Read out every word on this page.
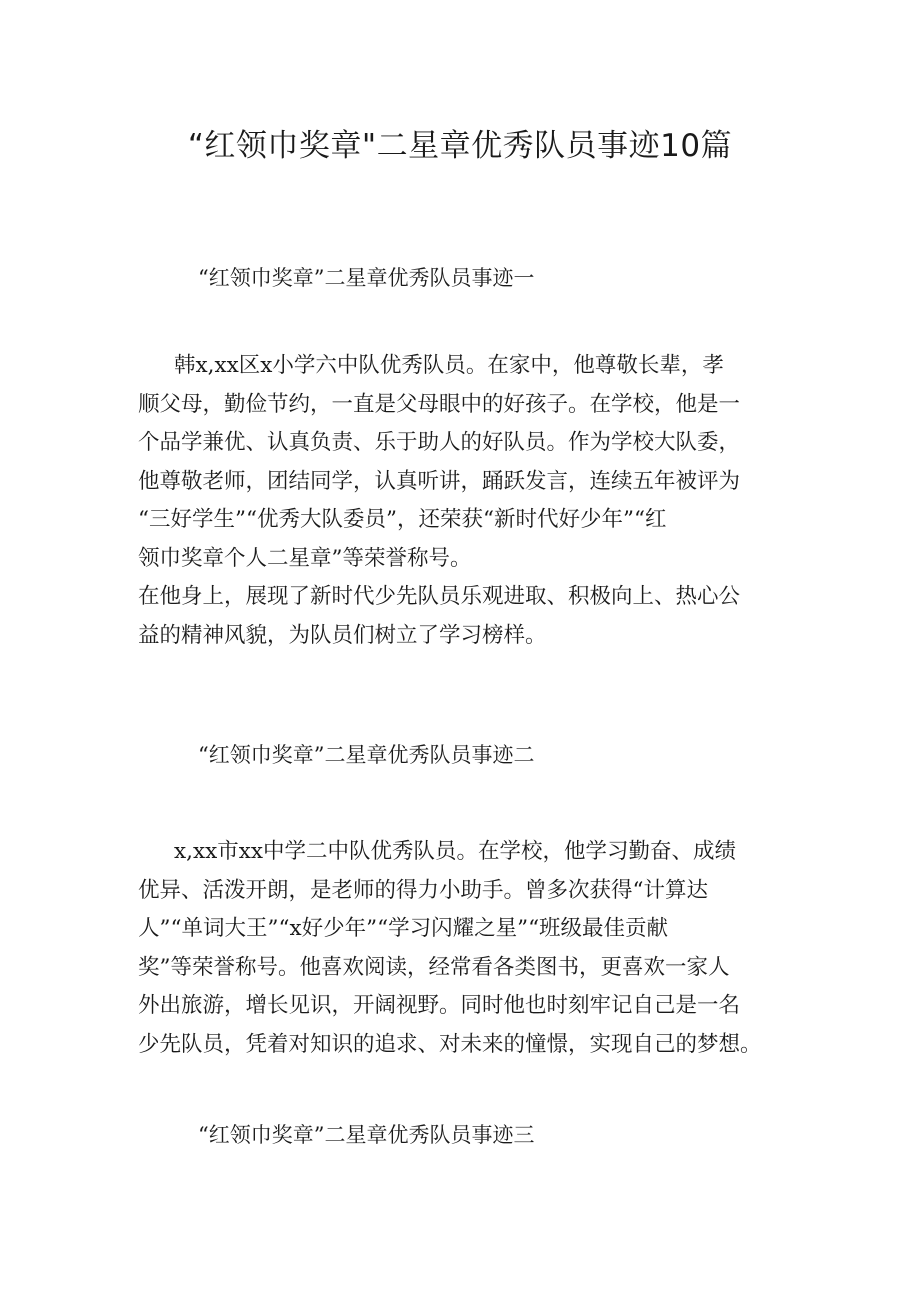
“红领巾奖章"二星章优秀队员事迹10篇
“红领巾奖章”二星章优秀队员事迹一
韩x,xx区x小学六中队优秀队员。在家中，他尊敬长辈，孝
顺父母，勤俭节约，一直是父母眼中的好孩子。在学校，他是一
个品学兼优、认真负责、乐于助人的好队员。作为学校大队委，
他尊敬老师，团结同学，认真听讲，踊跃发言，连续五年被评为
“三好学生”“优秀大队委员”，还荣获“新时代好少年”“红
领巾奖章个人二星章”等荣誉称号。
在他身上，展现了新时代少先队员乐观进取、积极向上、热心公
益的精神风貌，为队员们树立了学习榜样。
“红领巾奖章”二星章优秀队员事迹二
x,xx市xx中学二中队优秀队员。在学校，他学习勤奋、成绩
优异、活泼开朗，是老师的得力小助手。曾多次获得“计算达
人”“单词大王”“x好少年”“学习闪耀之星”“班级最佳贡献
奖”等荣誉称号。他喜欢阅读，经常看各类图书，更喜欢一家人
外出旅游，增长见识，开阔视野。同时他也时刻牢记自己是一名
少先队员，凭着对知识的追求、对未来的憧憬，实现自己的梦想。
“红领巾奖章”二星章优秀队员事迹三
